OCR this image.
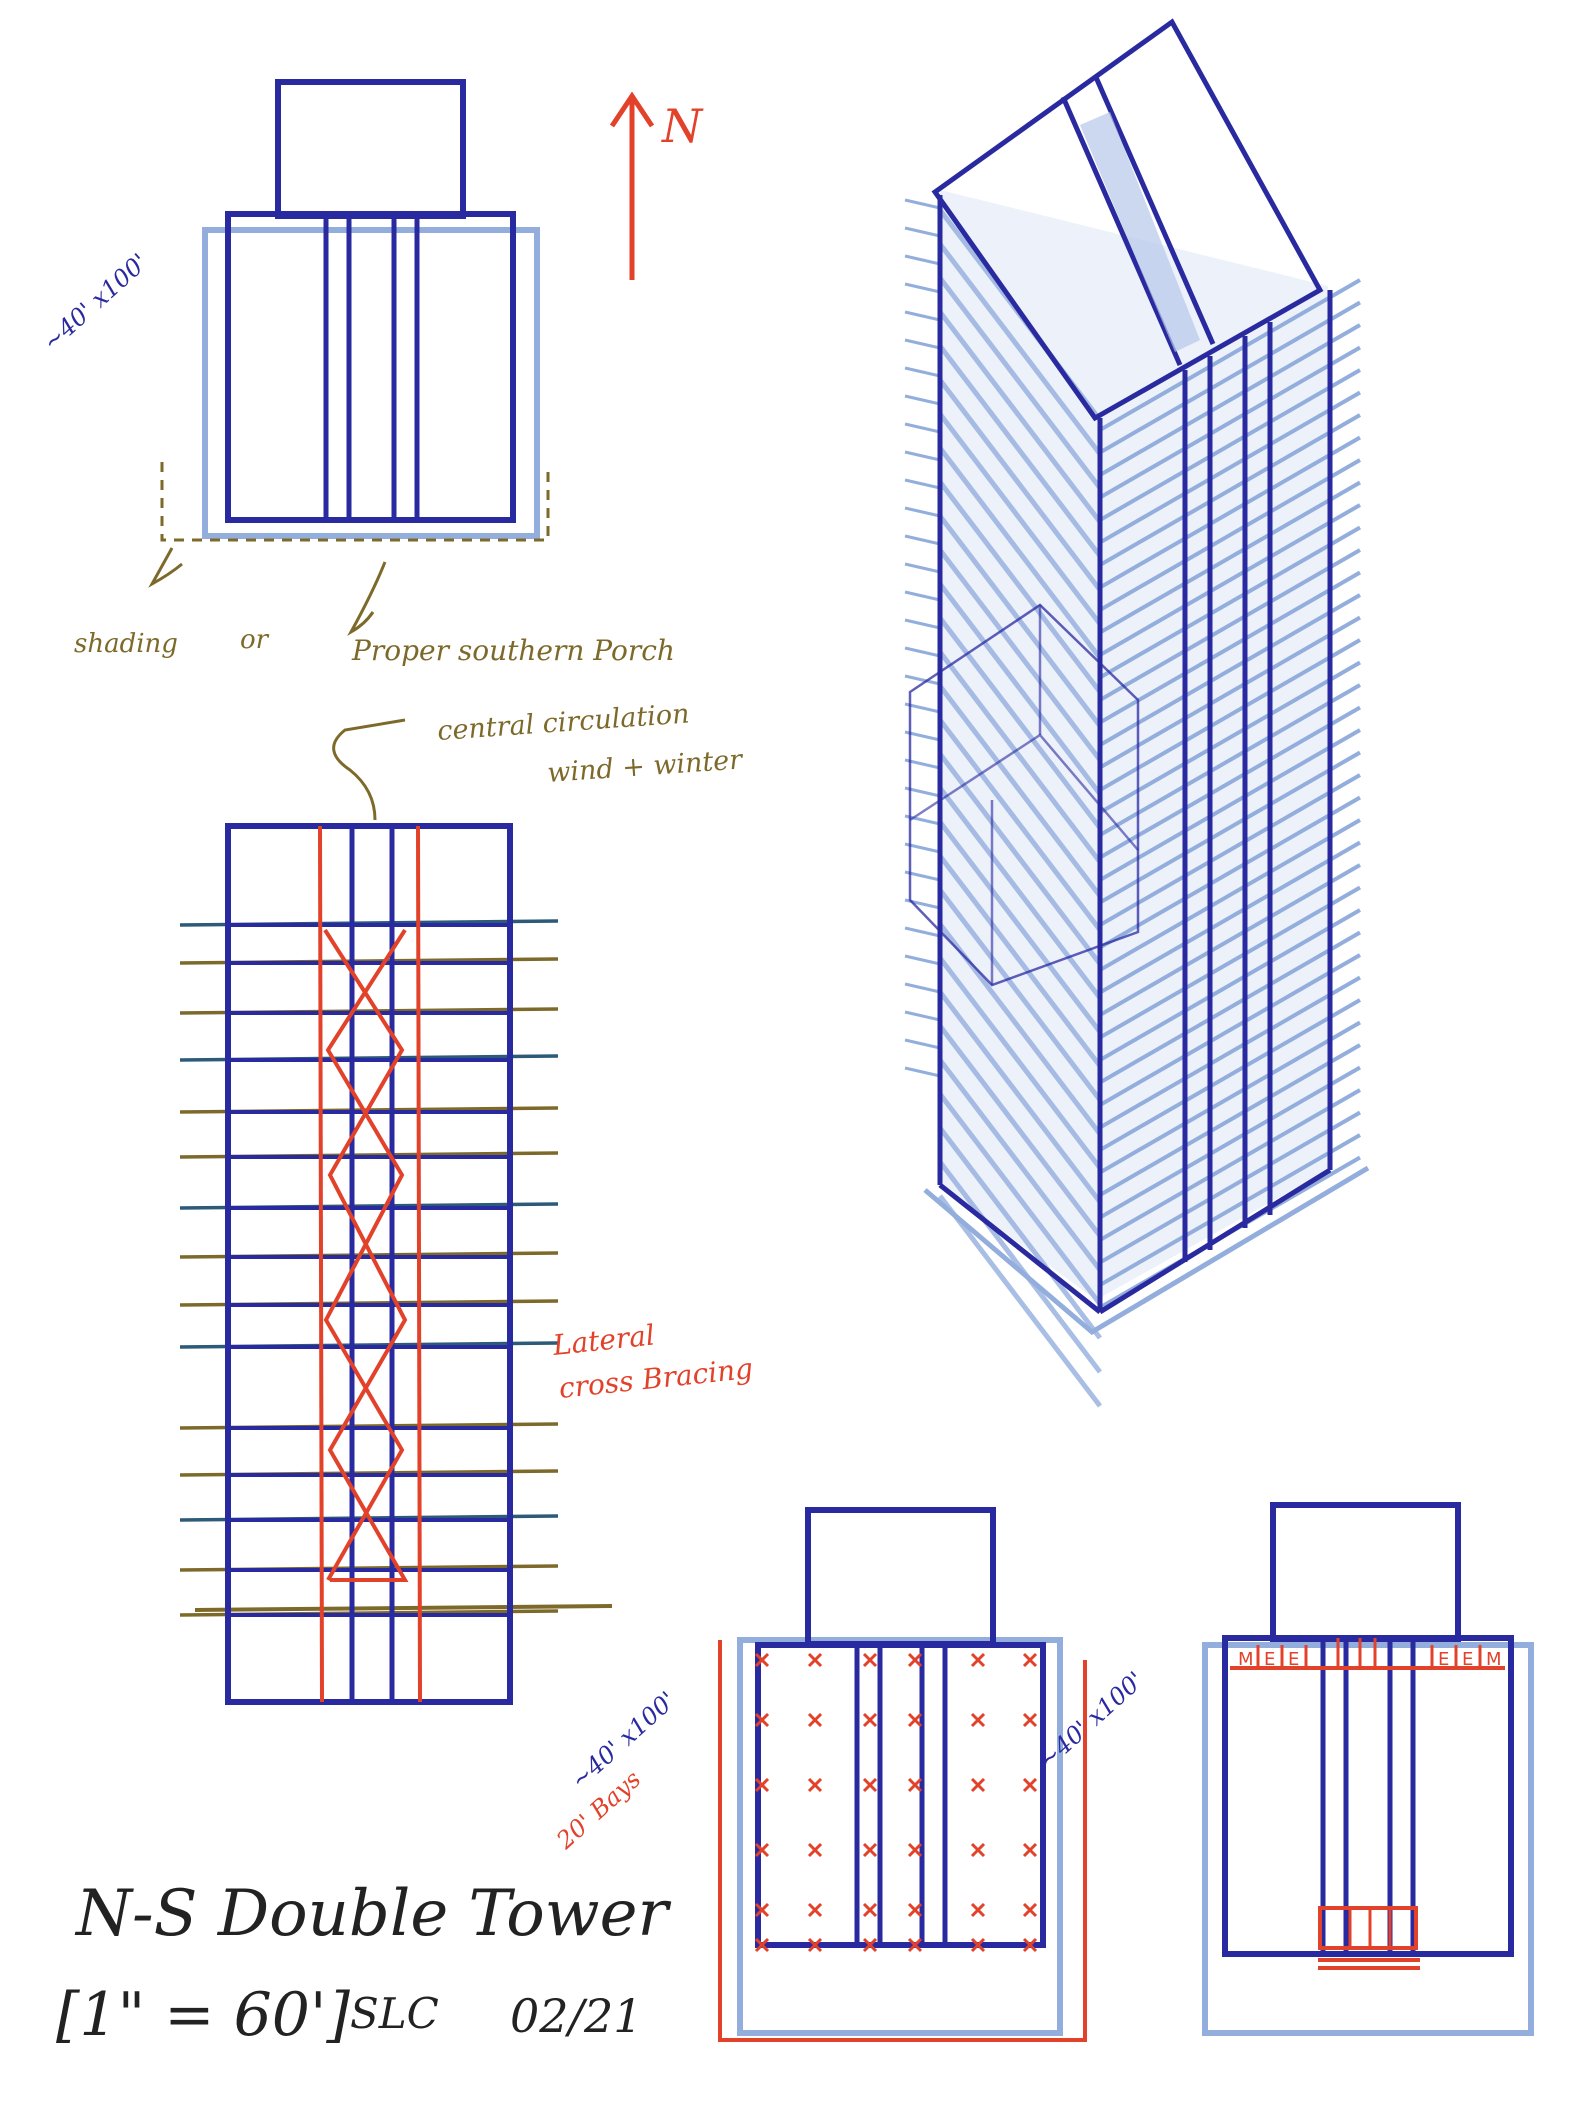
N
~40' x100'
shading or	Proper southern Porch
central circulation
wind + winter
Lateral
cross Bracing
~40' x100'
20' Bays
~40' x100'
M E E	E E M
N-S Double Tower
[1" = 60'] SLC 02/21
